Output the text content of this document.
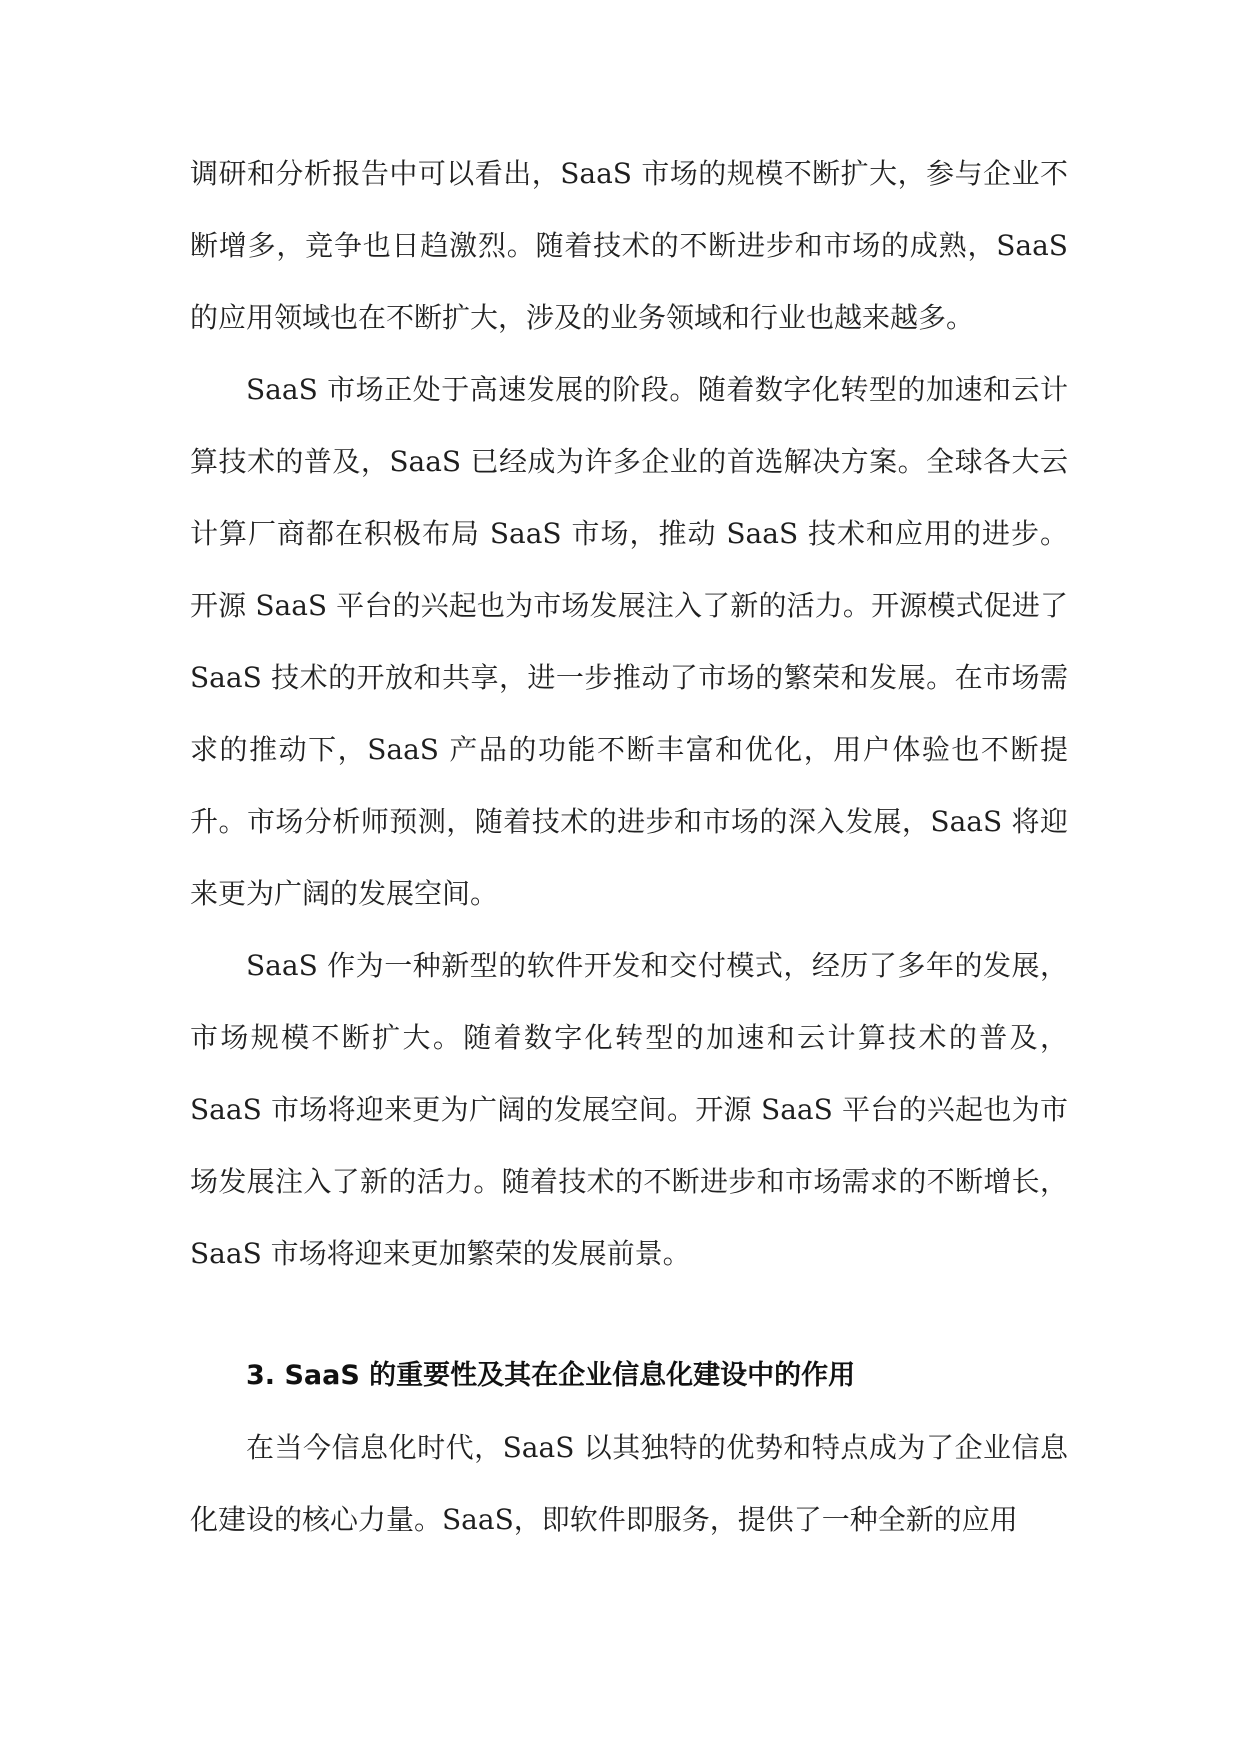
调研和分析报告中可以看出，SaaS 市场的规模不断扩大，参与企业不断增多，竞争也日趋激烈。随着技术的不断进步和市场的成熟，SaaS 的应用领域也在不断扩大，涉及的业务领域和行业也越来越多。

SaaS 市场正处于高速发展的阶段。随着数字化转型的加速和云计算技术的普及，SaaS 已经成为许多企业的首选解决方案。全球各大云计算厂商都在积极布局 SaaS 市场，推动 SaaS 技术和应用的进步。开源 SaaS 平台的兴起也为市场发展注入了新的活力。开源模式促进了 SaaS 技术的开放和共享，进一步推动了市场的繁荣和发展。在市场需求的推动下，SaaS 产品的功能不断丰富和优化，用户体验也不断提升。市场分析师预测，随着技术的进步和市场的深入发展，SaaS 将迎来更为广阔的发展空间。

SaaS 作为一种新型的软件开发和交付模式，经历了多年的发展，市场规模不断扩大。随着数字化转型的加速和云计算技术的普及，SaaS 市场将迎来更为广阔的发展空间。开源 SaaS 平台的兴起也为市场发展注入了新的活力。随着技术的不断进步和市场需求的不断增长，SaaS 市场将迎来更加繁荣的发展前景。

3. SaaS 的重要性及其在企业信息化建设中的作用

在当今信息化时代，SaaS 以其独特的优势和特点成为了企业信息化建设的核心力量。SaaS，即软件即服务，提供了一种全新的应用
